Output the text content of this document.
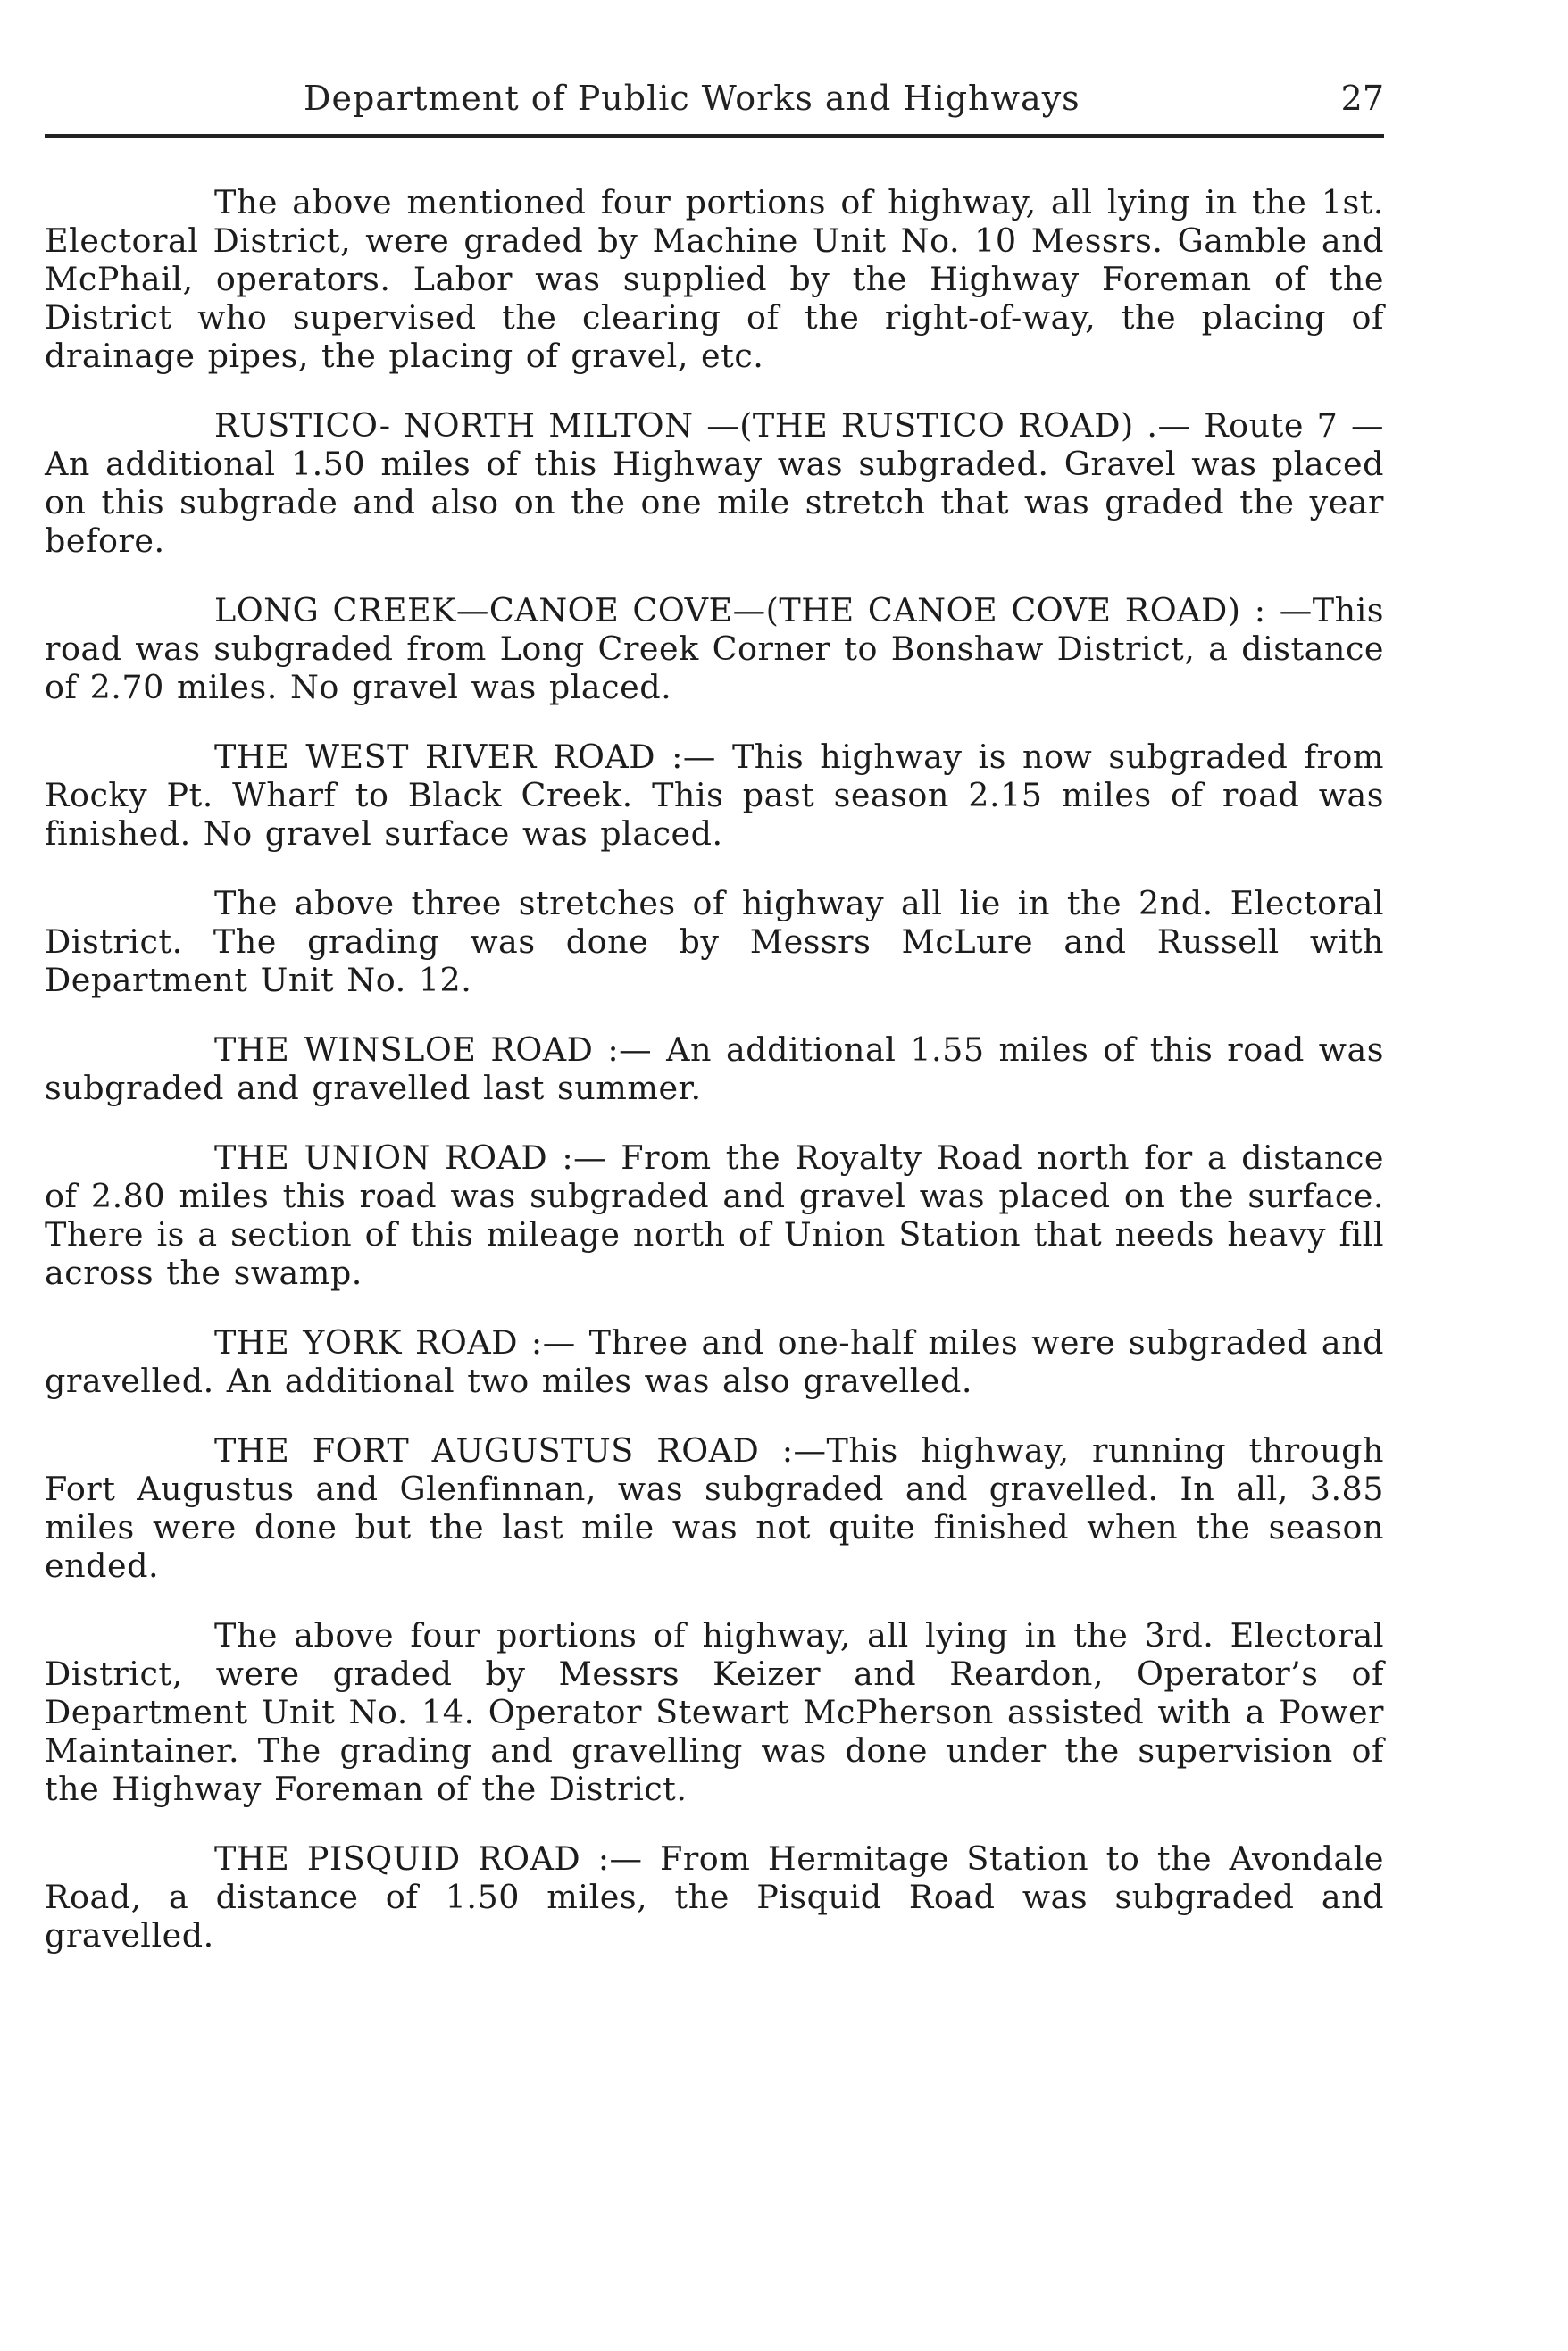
Department of Public Works and Highways	27

The above mentioned four portions of highway, all lying in the 1st. Electoral District, were graded by Machine Unit No. 10 Messrs. Gamble and McPhail, operators. Labor was supplied by the Highway Foreman of the District who supervised the clearing of the right-of-way, the placing of drainage pipes, the placing of gravel, etc.

RUSTICO- NORTH MILTON —(THE RUSTICO ROAD) .— Route 7 — An additional 1.50 miles of this Highway was subgraded. Gravel was placed on this subgrade and also on the one mile stretch that was graded the year before.

LONG CREEK—CANOE COVE—(THE CANOE COVE ROAD) : —This road was subgraded from Long Creek Corner to Bonshaw District, a distance of 2.70 miles. No gravel was placed.

THE WEST RIVER ROAD :— This highway is now subgraded from Rocky Pt. Wharf to Black Creek. This past season 2.15 miles of road was finished. No gravel surface was placed.

The above three stretches of highway all lie in the 2nd. Electoral District. The grading was done by Messrs McLure and Russell with Department Unit No. 12.

THE WINSLOE ROAD :— An additional 1.55 miles of this road was subgraded and gravelled last summer.

THE UNION ROAD :— From the Royalty Road north for a distance of 2.80 miles this road was subgraded and gravel was placed on the surface. There is a section of this mileage north of Union Station that needs heavy fill across the swamp.

THE YORK ROAD :— Three and one-half miles were subgraded and gravelled. An additional two miles was also gravelled.

THE FORT AUGUSTUS ROAD :—This highway, running through Fort Augustus and Glenfinnan, was subgraded and gravelled. In all, 3.85 miles were done but the last mile was not quite finished when the season ended.

The above four portions of highway, all lying in the 3rd. Electoral District, were graded by Messrs Keizer and Reardon, Operator’s of Department Unit No. 14. Operator Stewart McPherson assisted with a Power Maintainer. The grading and gravelling was done under the supervision of the Highway Foreman of the District.

THE PISQUID ROAD :— From Hermitage Station to the Avondale Road, a distance of 1.50 miles, the Pisquid Road was subgraded and gravelled.
